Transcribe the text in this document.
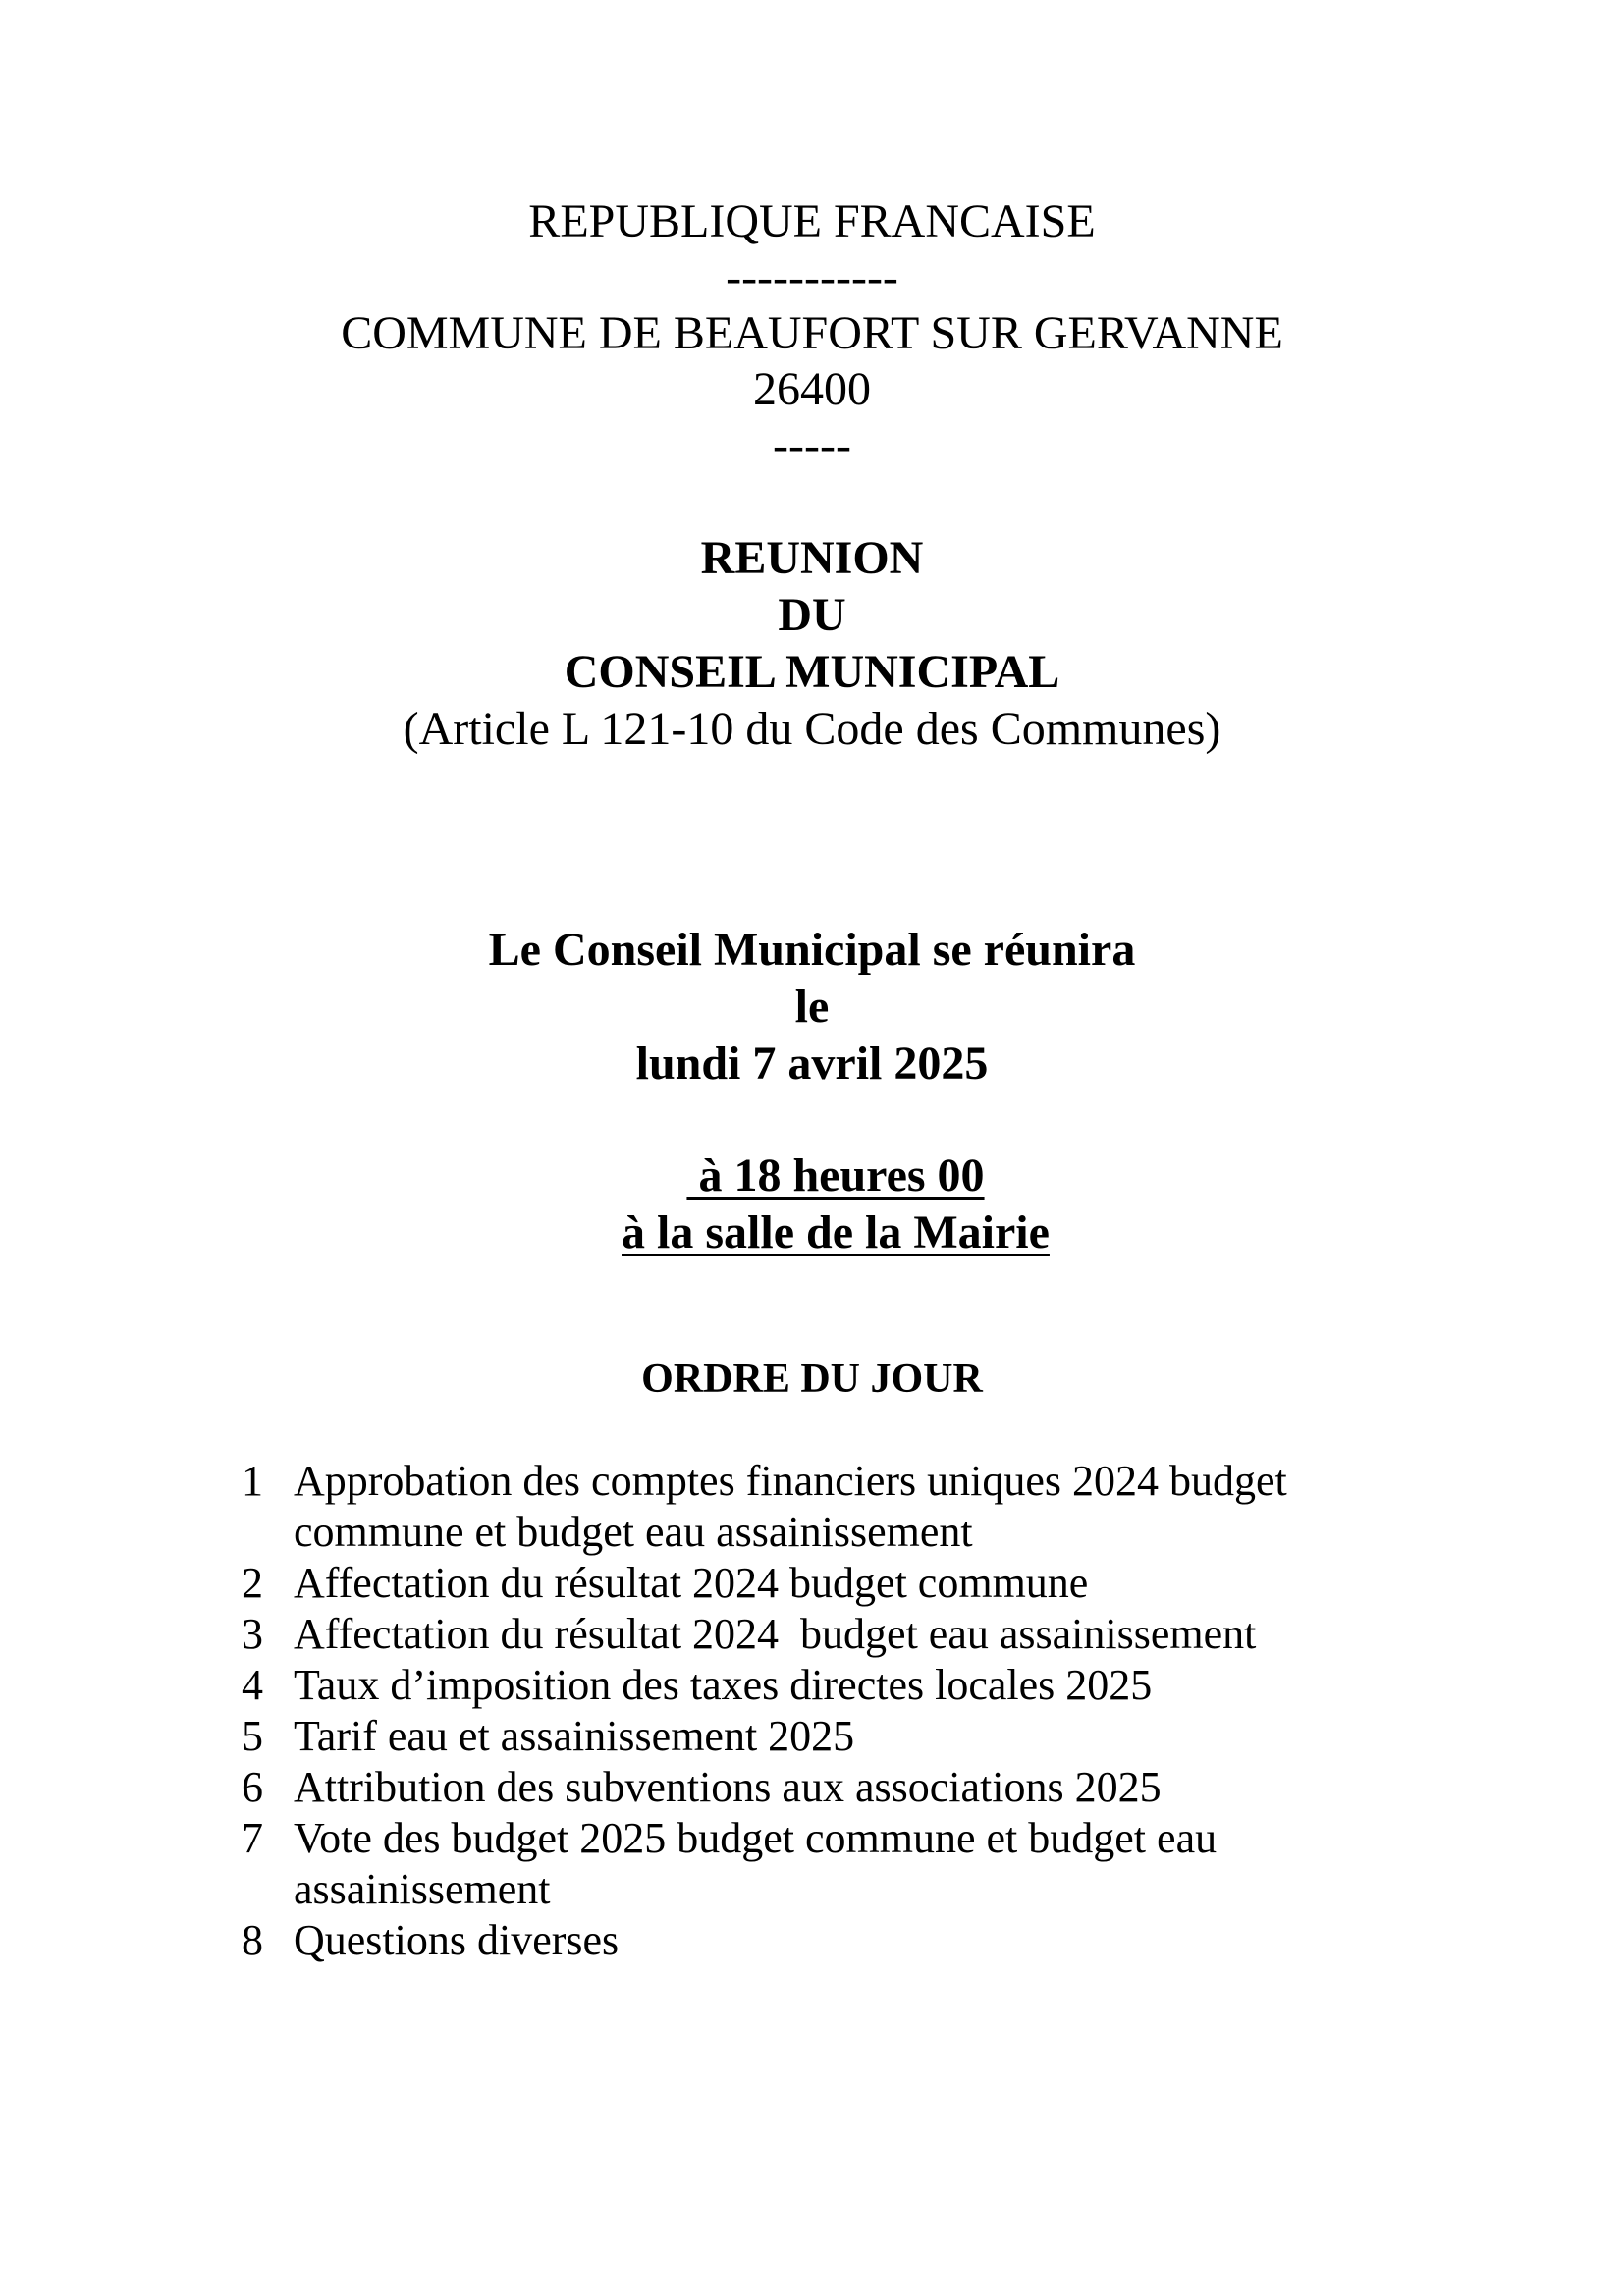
REPUBLIQUE FRANCAISE
-----------
COMMUNE DE BEAUFORT SUR GERVANNE
26400
-----
REUNION
DU
CONSEIL MUNICIPAL
(Article L 121-10 du Code des Communes)
Le Conseil Municipal se réunira
le
lundi 7 avril 2025

à 18 heures 00

à la salle de la Mairie

ORDRE DU JOUR
1 Approbation des comptes financiers uniques 2024 budget commune et budget eau assainissement
2 Affectation du résultat 2024 budget commune
3 Affectation du résultat 2024  budget eau assainissement
4 Taux d’imposition des taxes directes locales 2025
5 Tarif eau et assainissement 2025
6 Attribution des subventions aux associations 2025
7 Vote des budget 2025 budget commune et budget eau assainissement
8 Questions diverses
